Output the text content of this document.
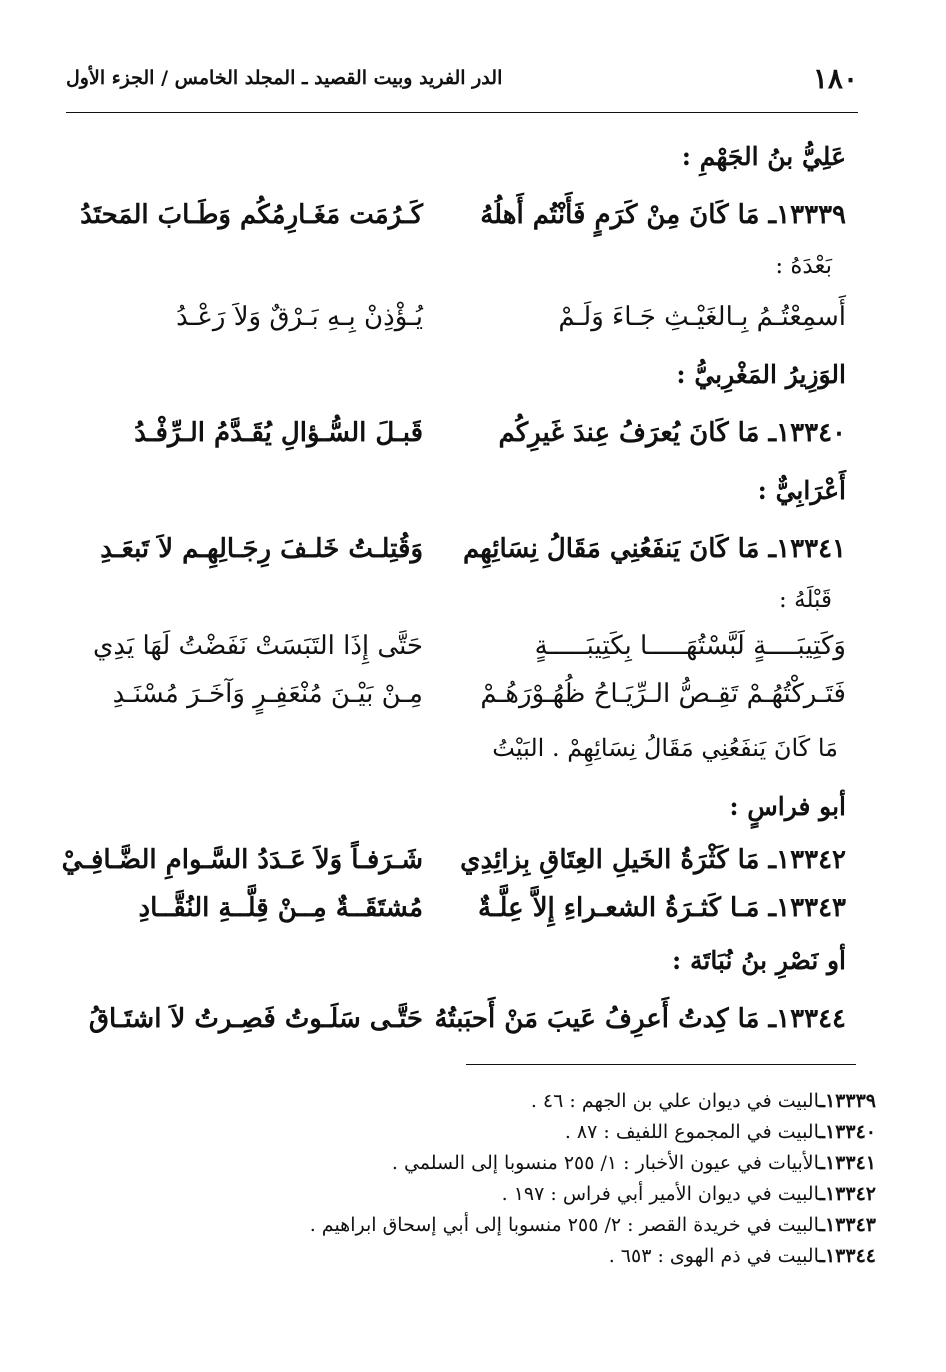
١٨٠
الدر الفريد وبيت القصيد ـ المجلد الخامس / الجزء الأول
عَلِيُّ بنُ الجَهْمِ :
١٣٣٣٩ـ مَا كَانَ مِنْ كَرَمٍ فَأَنْتُم أَهلُهُ
كَـرُمَت مَغَـارِمُكُم وَطَـابَ المَحتَدُ
بَعْدَهُ :
أَسمِعْتُـمُ بِـالغَيْـثِ جَـاءَ وَلَـمْ
يُـؤْذِنْ بِـهِ بَـرْقٌ وَلاَ رَعْـدُ
الوَزِيرُ المَغْرِبيُّ :
١٣٣٤٠ـ مَا كَانَ يُعرَفُ عِندَ غَيرِكُم
قَبـلَ السُّـؤالِ يُقَـدَّمُ الـرِّفْـدُ
أَعْرَابِيٌّ :
١٣٣٤١ـ مَا كَانَ يَنفَعُنِي مَقَالُ نِسَائِهِم
وَقُتِلـتُ خَلـفَ رِجَـالِهِـم لاَ تَبعَـدِ
قَبْلَهُ :
وَكَتِيبَــــةٍ لَبَّسْتُهَـــــا بِكَتِيبَـــــةٍ
حَتَّى إِذَا التَبَسَتْ نَفَضْتُ لَهَا يَدِي
فَتَـركْتُهُـمْ تَقِـصُّ الـرِّيَـاحُ ظُهُـوْرَهُـمْ
مِـنْ بَيْـنَ مُنْعَفِـرٍ وَآخَـرَ مُسْنَـدِ
مَا كَانَ يَنفَعُنِي مَقَالُ نِسَائِهِمْ . البَيْتُ
أبو فراسٍ :
١٣٣٤٢ـ مَا كَثْرَةُ الخَيلِ العِتَاقِ بِزائِدِي
شَـرَفـاً وَلاَ عَـدَدُ السَّـوامِ الضَّـافِـيْ
١٣٣٤٣ـ مَـا كَثـرَةُ الشعـراءِ إِلاَّ عِلَّـةٌ
مُشتَقَــةٌ مِــنْ قِلَّــةِ النُقَّــادِ
أو نَصْرِ بنُ نُبَاتَة :
١٣٣٤٤ـ مَا كِدتُ أَعرِفُ عَيبَ مَنْ أَحبَبتُهُ
حَتَّـى سَلَـوتُ فَصِـرتُ لاَ اشتَـاقُ
١٣٣٣٩ـالبيت في ديوان علي بن الجهم : ٤٦ .
١٣٣٤٠ـالبيت في المجموع اللفيف : ٨٧ .
١٣٣٤١ـالأبيات في عيون الأخبار : ١/ ٢٥٥ منسوبا إلى السلمي .
١٣٣٤٢ـالبيت في ديوان الأمير أبي فراس : ١٩٧ .
١٣٣٤٣ـالبيت في خريدة القصر : ٢/ ٢٥٥ منسوبا إلى أبي إسحاق ابراهيم .
١٣٣٤٤ـالبيت في ذم الهوى : ٦٥٣ .
